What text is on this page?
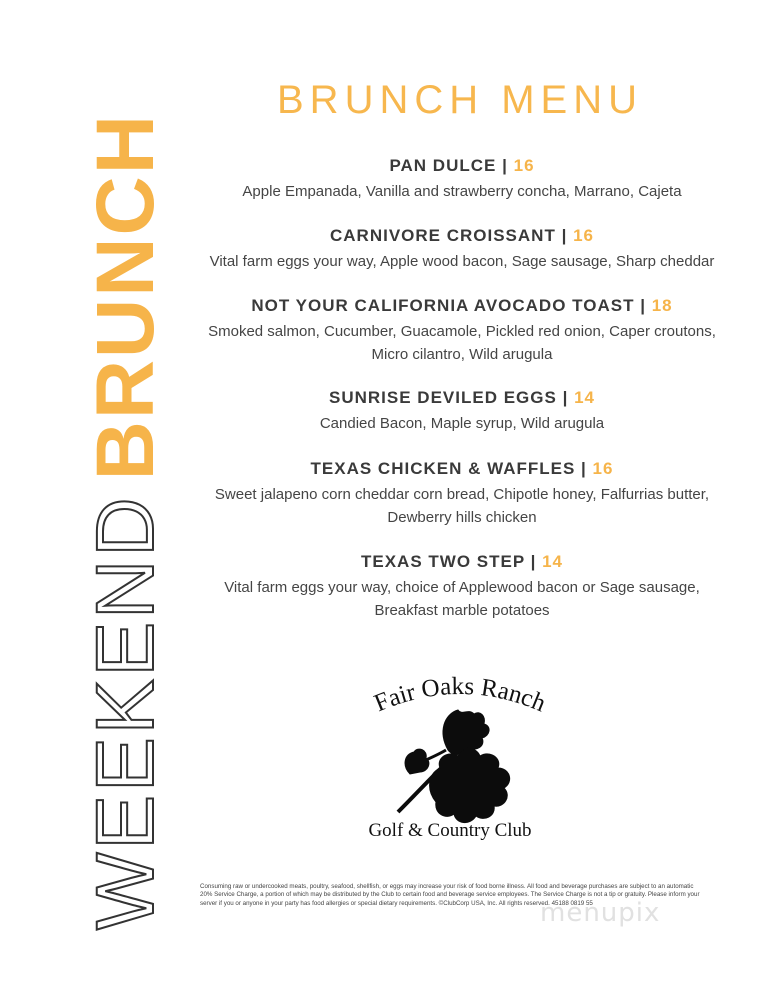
WEEKEND
BRUNCH
BRUNCH MENU
PAN DULCE | 16
Apple Empanada, Vanilla and strawberry concha, Marrano, Cajeta
CARNIVORE CROISSANT | 16
Vital farm eggs your way, Apple wood bacon, Sage sausage, Sharp cheddar
NOT YOUR CALIFORNIA AVOCADO TOAST | 18
Smoked salmon, Cucumber, Guacamole, Pickled red onion, Caper croutons,
Micro cilantro, Wild arugula
SUNRISE DEVILED EGGS | 14
Candied Bacon, Maple syrup, Wild arugula
TEXAS CHICKEN & WAFFLES | 16
Sweet jalapeno corn cheddar corn bread, Chipotle honey, Falfurrias butter,
Dewberry hills chicken
TEXAS TWO STEP | 14
Vital farm eggs your way, choice of Applewood bacon or Sage sausage,
Breakfast marble potatoes
Fair Oaks Ranch
Golf & Country Club
Consuming raw or undercooked meats, poultry, seafood, shellfish, or eggs may increase your risk of food borne illness. All food and beverage purchases are subject to an automatic 20% Service Charge, a portion of which may be distributed by the Club to certain food and beverage service employees. The Service Charge is not a tip or gratuity. Please inform your server if you or anyone in your party has food allergies or special dietary requirements. ©ClubCorp USA, Inc. All rights reserved. 45188 0819 55
menupix
